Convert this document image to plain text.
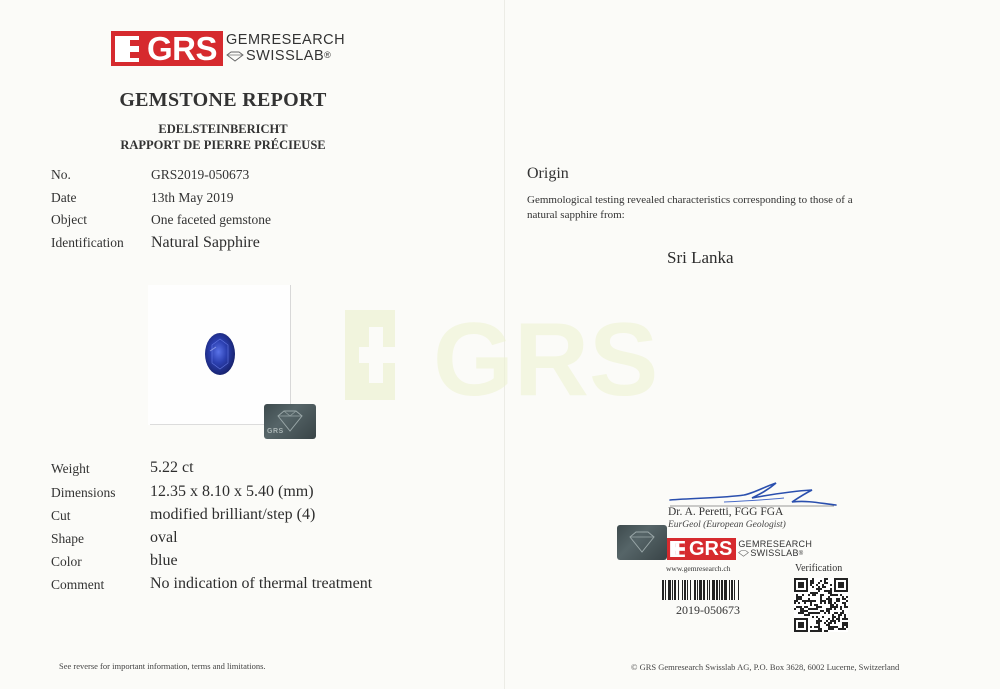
GRS
GRS GEMRESEARCH
SWISSLAB ®
GEMSTONE REPORT
EDELSTEINBERICHT
RAPPORT DE PIERRE PRÉCIEUSE
No.	GRS2019-050673
Date	13th May 2019
Object	One faceted gemstone
Identification Natural Sapphire
GRS
Weight	5.22 ct
Dimensions 12.35 x 8.10 x 5.40 (mm)
Cut	modified brilliant/step (4)
Shape	oval
Color	blue
Comment	No indication of thermal treatment
See reverse for important information, terms and limitations.
Origin
Gemmological testing revealed characteristics corresponding to those of a natural sapphire from:
Sri Lanka
Dr. A. Peretti, FGG FGA
EurGeol (European Geologist)
GRS GEMRESEARCH
SWISSLAB ®
www.gemresearch.ch	Verification
2019-050673
© GRS Gemresearch Swisslab AG, P.O. Box 3628, 6002 Lucerne, Switzerland
